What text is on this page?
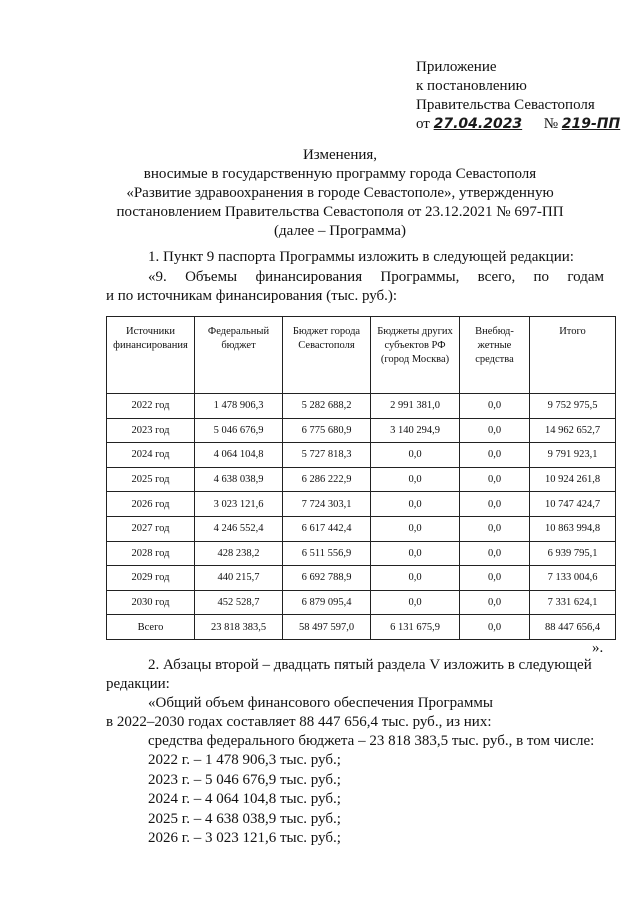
Приложение
к постановлению
Правительства Севастополя
от 27.04.2023 № 219-ПП
Изменения,
вносимые в государственную программу города Севастополя
«Развитие здравоохранения в городе Севастополе», утвержденную
постановлением Правительства Севастополя от 23.12.2021 № 697-ПП
(далее – Программа)
1. Пункт 9 паспорта Программы изложить в следующей редакции:
«9. Объемы финансирования Программы, всего, по годам
и по источникам финансирования (тыс. руб.):
Источники финансирования	Федеральный бюджет	Бюджет города Севастополя	Бюджеты других субъектов РФ (город Москва)	Внебюд-жетные средства	Итого
2022 год	1 478 906,3	5 282 688,2	2 991 381,0	0,0	9 752 975,5
2023 год	5 046 676,9	6 775 680,9	3 140 294,9	0,0	14 962 652,7
2024 год	4 064 104,8	5 727 818,3	0,0	0,0	9 791 923,1
2025 год	4 638 038,9	6 286 222,9	0,0	0,0	10 924 261,8
2026 год	3 023 121,6	7 724 303,1	0,0	0,0	10 747 424,7
2027 год	4 246 552,4	6 617 442,4	0,0	0,0	10 863 994,8
2028 год	428 238,2	6 511 556,9	0,0	0,0	6 939 795,1
2029 год	440 215,7	6 692 788,9	0,0	0,0	7 133 004,6
2030 год	452 528,7	6 879 095,4	0,0	0,0	7 331 624,1
Всего	23 818 383,5	58 497 597,0	6 131 675,9	0,0	88 447 656,4
».
2. Абзацы второй – двадцать пятый раздела V изложить в следующей
редакции:
«Общий объем финансового обеспечения Программы
в 2022–2030 годах составляет 88 447 656,4 тыс. руб., из них:
средства федерального бюджета – 23 818 383,5 тыс. руб., в том числе:
2022 г. – 1 478 906,3 тыс. руб.;
2023 г. – 5 046 676,9 тыс. руб.;
2024 г. – 4 064 104,8 тыс. руб.;
2025 г. – 4 638 038,9 тыс. руб.;
2026 г. – 3 023 121,6 тыс. руб.;
